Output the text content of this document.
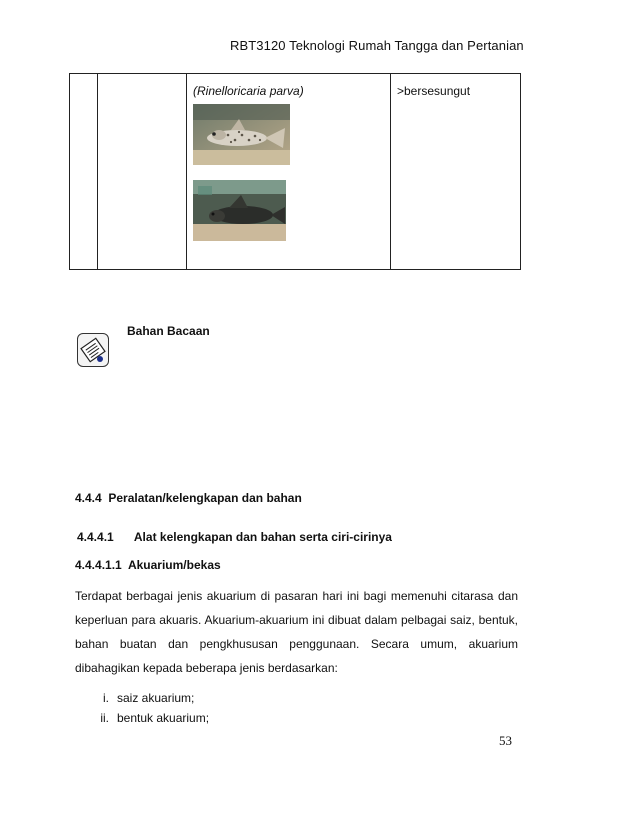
RBT3120 Teknologi Rumah Tangga dan Pertanian

(Rinelloricaria parva)	>bersesungut
Bahan Bacaan
4.4.4 Peralatan/kelengkapan dan bahan
4.4.4.1 Alat kelengkapan dan bahan serta ciri-cirinya
4.4.4.1.1 Akuarium/bekas
Terdapat berbagai jenis akuarium di pasaran hari ini bagi memenuhi citarasa dan keperluan para akuaris. Akuarium-akuarium ini dibuat dalam pelbagai saiz, bentuk, bahan buatan dan pengkhususan penggunaan. Secara umum, akuarium dibahagikan kepada beberapa jenis berdasarkan:
i. saiz akuarium;
ii. bentuk akuarium;
53
